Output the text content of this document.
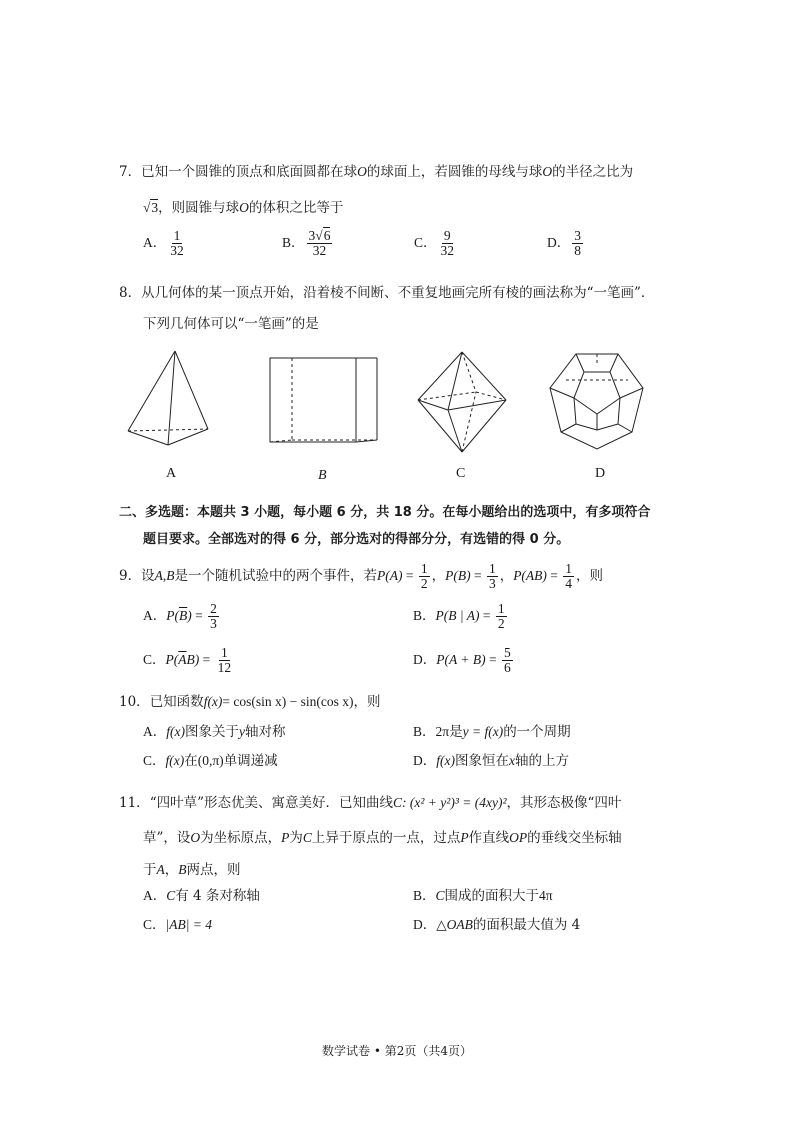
7．已知一个圆锥的顶点和底面圆都在球O的球面上，若圆锥的母线与球O的半径之比为
√3，则圆锥与球O的体积之比等于
A． $\frac{1}{32}$	B． $\frac{3√6}{32}$	C． $\frac{9}{32}$	D． $\frac{3}{8}$
8．从几何体的某一顶点开始，沿着棱不间断、不重复地画完所有棱的画法称为“一笔画”．
下列几何体可以“一笔画”的是
A	B	C	D
二、多选题：本题共 3 小题，每小题 6 分，共 18 分。在每小题给出的选项中，有多项符合
题目要求。全部选对的得 6 分，部分选对的得部分分，有选错的得 0 分。
9．设A,B是一个随机试验中的两个事件，若$P(A) = \frac{1}{2}$ ，$P(B) = \frac{1}{3}$ ，$P(AB) = \frac{1}{4}$ ，则
A．$P(\overline{B}) = \frac{2}{3}$	B．P(B | $A) = \frac{1}{2}$
C．$P(\overline{A}B) = \frac{1}{12}$	D．$P(A + B) = \frac{5}{6}$
10．已知函数f(x)= cos(sin x) − sin(cos x)，则
A．f(x)图象关于y轴对称	B．2π是y = f(x)的一个周期
C．f(x)在(0,π)单调递减	D．f(x)图象恒在x轴的上方
11．“四叶草”形态优美、寓意美好．已知曲线C: (x² + y²)³ = (4xy)²，其形态极像“四叶
草”，设O为坐标原点，P为C上异于原点的一点，过点P作直线OP的垂线交坐标轴
于A，B两点，则
A．C有 4 条对称轴	B．C围成的面积大于4π
C．|AB| = 4	D．△OAB的面积最大值为 4
数学试卷 • 第2页（共4页）
